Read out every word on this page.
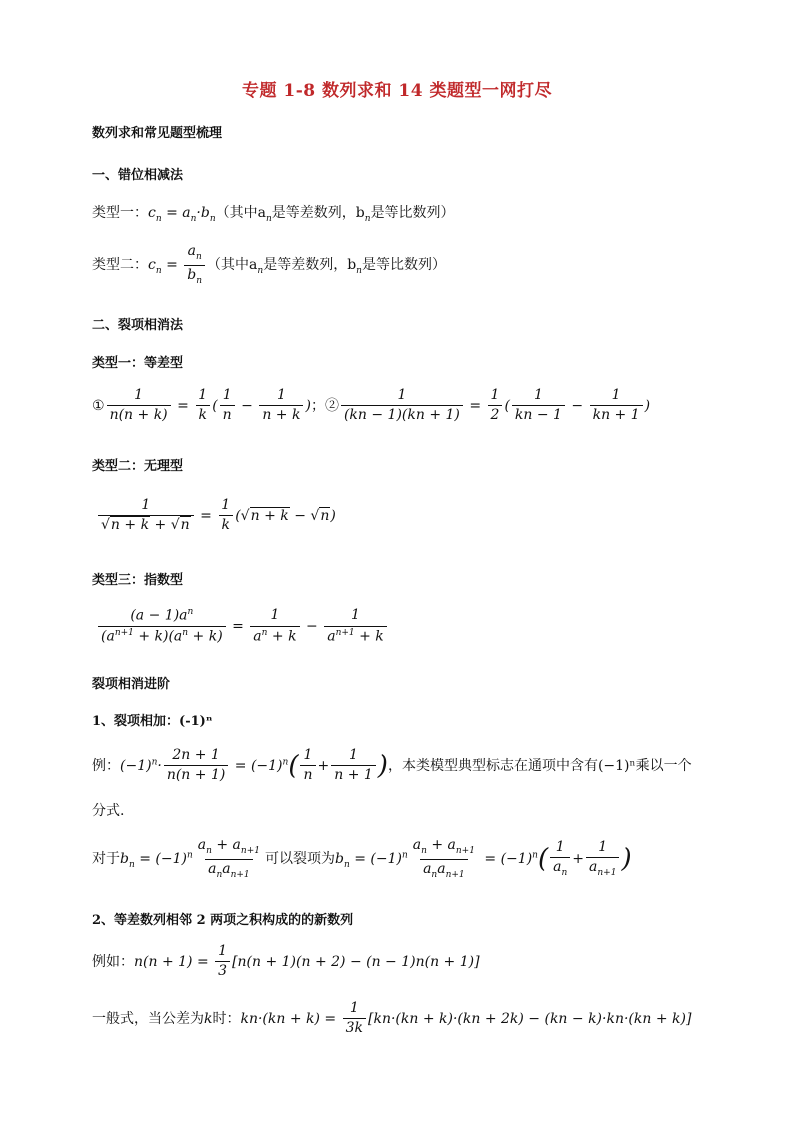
专题 1-8 数列求和 14 类题型一网打尽
数列求和常见题型梳理
一、错位相减法
类型一：$c_n = a_n\cdot b_n$（其中$a_n$是等差数列，$b_n$是等比数列）
类型二：$c_n = \frac{a_n}{b_n}$ （其中$a_n$是等差数列，$b_n$是等比数列）
二、裂项相消法
类型一：等差型
① $\frac{1}{n(n + k)} = \frac{1}{k}$ ( $\frac{1}{n} - \frac{1}{n + k}$ )；② $\frac{1}{(kn - 1)(kn + 1)} = \frac{1}{2}$ ( $\frac{1}{kn - 1} - \frac{1}{kn + 1}$ )
类型二：无理型
$\frac{1}{√n + k + √n} = \frac{1}{k} (√n + k - √n)$
类型三：指数型
$\frac{(a - 1)a^n}{(a^{n+1} + k)(a^n + k)} = \frac{1}{a^n + k} - \frac{1}{a^{n+1} + k}$
裂项相消进阶
1、裂项相加：(-1)ⁿ
例：$(-1)^n\cdot \frac{2n + 1}{n(n + 1)} = (-1)^n( \frac{1}{n} + \frac{1}{n + 1}$ )，本类模型典型标志在通项中含有(−1)ⁿ乘以一个
分式.
对于$b_n = (-1)^n \frac{a_n + a_{n+1}}{a_na_{n+1}}$ 可以裂项为$b_n = (-1)^n \frac{a_n + a_{n+1}}{a_na_{n+1}} = (-1)^n( \frac{1}{a_n} + \frac{1}{a_{n+1}}$ )
2、等差数列相邻 2 两项之积构成的的新数列
例如：$n(n + 1) = \frac{1}{3} [n(n + 1)(n + 2) - (n - 1)n(n + 1)]$
一般式，当公差为k时：$kn\cdot(kn + k) = \frac{1}{3k} [kn\cdot(kn + k)\cdot(kn + 2k) - (kn - k)\cdot kn\cdot(kn + k)]$
